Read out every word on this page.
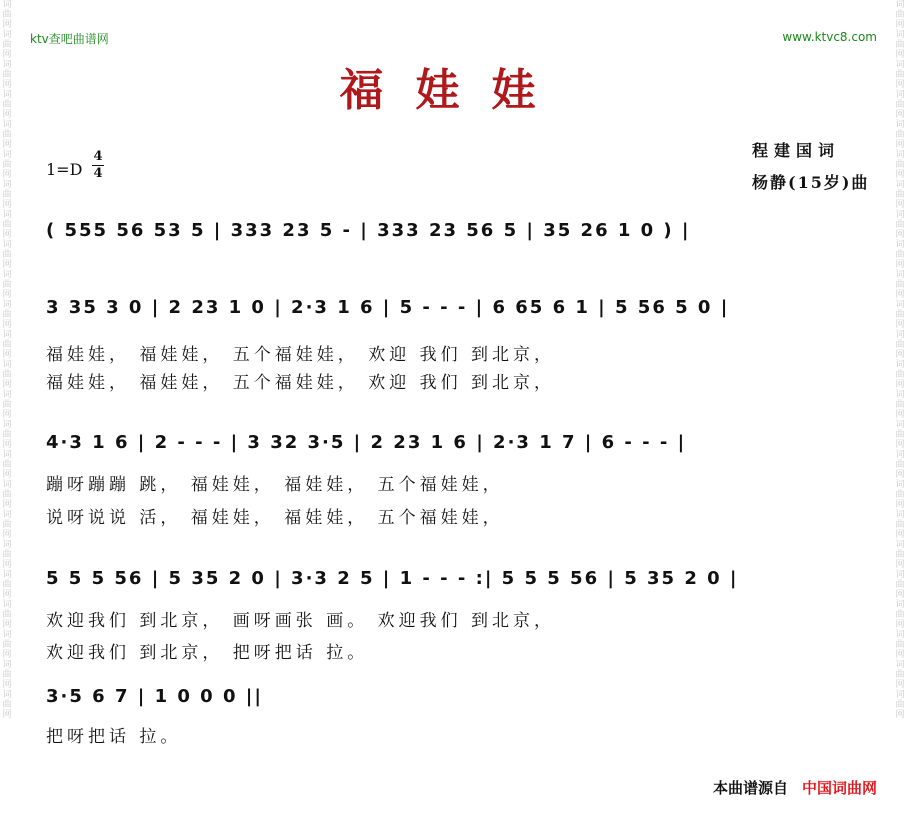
词曲网词曲网词曲网词曲网词曲网词曲网词曲网词曲网词曲网词曲网词曲网词曲网词曲网词曲网词曲网词曲网词曲网词曲网词曲网词曲网词曲网词曲网词曲网词曲网
词曲网词曲网词曲网词曲网词曲网词曲网词曲网词曲网词曲网词曲网词曲网词曲网词曲网词曲网词曲网词曲网词曲网词曲网词曲网词曲网词曲网词曲网词曲网词曲网
ktv查吧曲谱网	www.ktvc8.com
福娃娃
程建国词
杨静(15岁)曲
1=D
4
4
( 555 56 53 5 | 333 23 5 - | 333 23 56 5 | 35 26 1 0 ) |
3 35 3 0 | 2 23 1 0 | 2·3 1 6 | 5 - - - | 6 65 6 1 | 5 56 5 0 |
福娃娃， 福娃娃， 五个福娃娃， 欢迎 我们 到北京，
福娃娃， 福娃娃， 五个福娃娃， 欢迎 我们 到北京，
4·3 1 6 | 2 - - - | 3 32 3·5 | 2 23 1 6 | 2·3 1 7 | 6 - - - |
蹦呀蹦蹦 跳， 福娃娃， 福娃娃， 五个福娃娃，
说呀说说 活， 福娃娃， 福娃娃， 五个福娃娃，
5 5 5 56 | 5 35 2 0 | 3·3 2 5 | 1 - - - :| 5 5 5 56 | 5 35 2 0 |
欢迎我们 到北京， 画呀画张 画。 欢迎我们 到北京，
欢迎我们 到北京， 把呀把话 拉。
3·5 6 7 | 1 0 0 0 ||
把呀把话 拉。
本曲谱源自 中国词曲网
